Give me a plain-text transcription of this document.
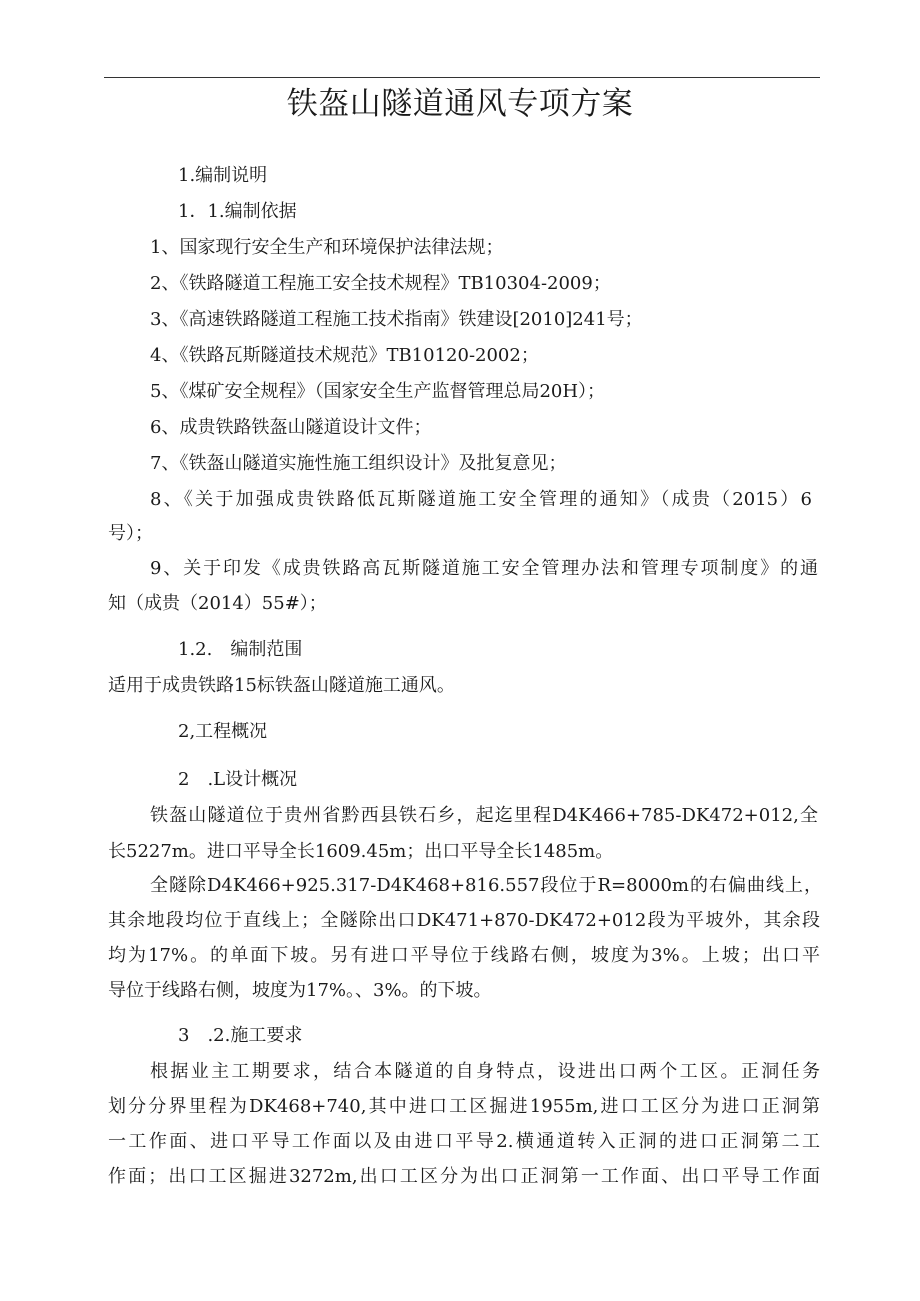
铁盔山隧道通风专项方案
1.编制说明
1．1.编制依据
1、国家现行安全生产和环境保护法律法规；
2、《铁路隧道工程施工安全技术规程》TB10304-2009；
3、《高速铁路隧道工程施工技术指南》铁建设[2010]241号；
4、《铁路瓦斯隧道技术规范》TB10120-2002；
5、《煤矿安全规程》（国家安全生产监督管理总局20H）；
6、成贵铁路铁盔山隧道设计文件；
7、《铁盔山隧道实施性施工组织设计》及批复意见；
8、《关于加强成贵铁路低瓦斯隧道施工安全管理的通知》（成贵（2015）6
号）；
9、关于印发《成贵铁路高瓦斯隧道施工安全管理办法和管理专项制度》的通
知（成贵（2014）55#）；
1.2.　编制范围
适用于成贵铁路15标铁盔山隧道施工通风。
2,工程概况
2　.L设计概况
铁盔山隧道位于贵州省黔西县铁石乡，起迄里程D4K466+785-DK472+012,全
长5227m。进口平导全长1609.45m；出口平导全长1485m。
全隧除D4K466+925.317-D4K468+816.557段位于R=8000m的右偏曲线上，
其余地段均位于直线上；全隧除出口DK471+870-DK472+012段为平坡外，其余段
均为17%。的单面下坡。另有进口平导位于线路右侧，坡度为3%。上坡；出口平
导位于线路右侧，坡度为17%。、3%。的下坡。
3　.2.施工要求
根据业主工期要求，结合本隧道的自身特点，设进出口两个工区。正洞任务
划分分界里程为DK468+740,其中进口工区掘进1955m,进口工区分为进口正洞第
一工作面、进口平导工作面以及由进口平导2.横通道转入正洞的进口正洞第二工
作面；出口工区掘进3272m,出口工区分为出口正洞第一工作面、出口平导工作面
